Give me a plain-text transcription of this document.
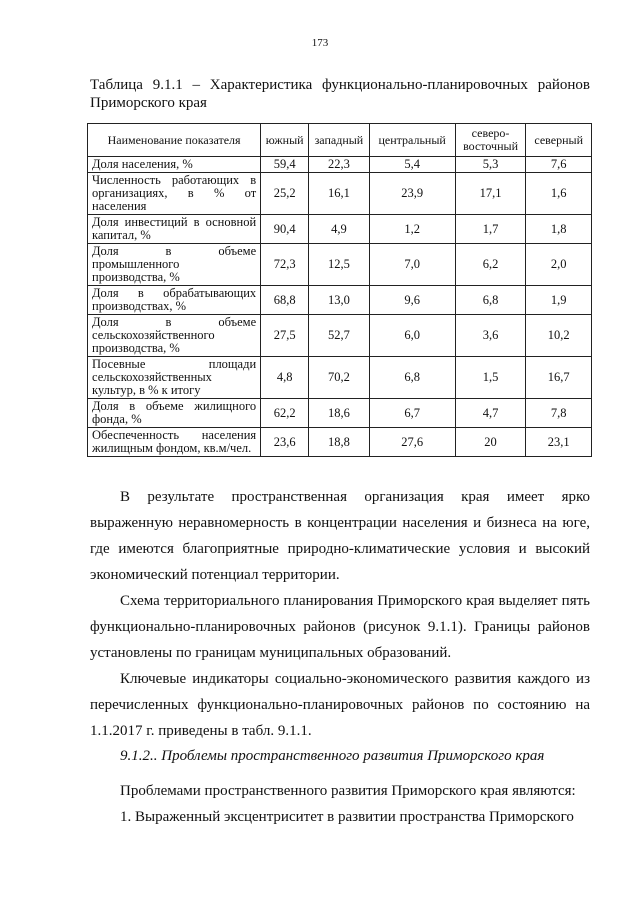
173
Таблица 9.1.1 – Характеристика функционально-планировочных районов
Приморского края
Наименование показателя	южный	западный	центральный	северо-восточный	северный
Доля населения, %	59,4	22,3	5,4	5,3	7,6
Численность работающих в организациях, в % от населения	25,2	16,1	23,9	17,1	1,6
Доля инвестиций в основной капитал, %	90,4	4,9	1,2	1,7	1,8
Доля в объеме промышленного производства, %	72,3	12,5	7,0	6,2	2,0
Доля в обрабатывающих производствах, %	68,8	13,0	9,6	6,8	1,9
Доля в объеме сельскохозяйственного производства, %	27,5	52,7	6,0	3,6	10,2
Посевные площади сельскохозяйственных культур, в % к итогу	4,8	70,2	6,8	1,5	16,7
Доля в объеме жилищного фонда, %	62,2	18,6	6,7	4,7	7,8
Обеспеченность населения жилищным фондом, кв.м/чел.	23,6	18,8	27,6	20	23,1

В результате пространственная организация края имеет ярко выраженную неравномерность в концентрации населения и бизнеса на юге, где имеются благоприятные природно-климатические условия и высокий экономический потенциал территории.

Схема территориального планирования Приморского края выделяет пять функционально-планировочных районов (рисунок 9.1.1). Границы районов установлены по границам муниципальных образований.

Ключевые индикаторы социально-экономического развития каждого из перечисленных функционально-планировочных районов по состоянию на 1.1.2017 г. приведены в табл. 9.1.1.

9.1.2.. Проблемы пространственного развития Приморского края

Проблемами пространственного развития Приморского края являются:

1. Выраженный эксцентриситет в развитии пространства Приморского
